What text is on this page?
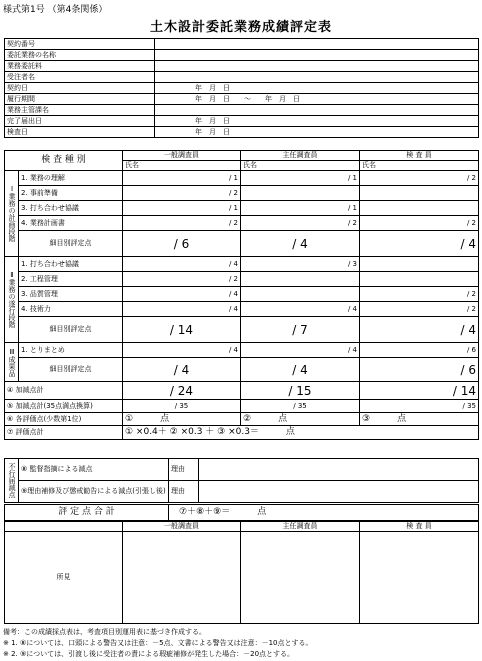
様式第1号 （第4条関係）
土木設計委託業務成績評定表
契約番号	
委託業務の名称	
業務委託料	
受注者名	
契約日	年　月　日
履行期間	年　月　日　　～　　年　月　日
業務主管課名	
完了届出日	年　月　日
検査日	年　月　日
検 査 種 別		一般調査員	主任調査員	検 査 員
		氏名	氏名	氏名
Ⅰ業務の計画段階	1. 業務の理解	/ 1	/ 1	/ 2
	2. 事前準備	/ 2		
	3. 打ち合わせ協議	/ 1	/ 1	
	4. 業務計画書	/ 2	/ 2	/ 2
	細目別評定点	/ 6	/ 4	/ 4
Ⅱ業務の遂行段階	1. 打ち合わせ協議	/ 4	/ 3	
	2. 工程管理	/ 2		
	3. 品質管理	/ 4		/ 2
	4. 技術力	/ 4	/ 4	/ 2
	細目別評定点	/ 14	/ 7	/ 4
Ⅲ成果品	1. とりまとめ	/ 4	/ 4	/ 6
	細目別評定点	/ 4	/ 4	/ 6
④ 加減点計		/ 24	/ 15	/ 14
⑤ 加減点計(35点満点換算)		/ 35	/ 35	/ 35
⑥ 各評価点(少数第1位)		①　　　点	②　　　点	③　　　点
⑦ 評価点計		① ×0.4＋ ② ×0.3 ＋ ③ ×0.3＝　　　点		
不行届減点	⑧ 監督指摘による減点	理由	
	⑨理由補修及び懲戒勧告による減点(引張し後)	理由	
評 定 点 合 計	⑦＋⑧＋⑨＝　　　点
	一般調査員	主任調査員	検 査 員
所見			
備考：この成績採点表は、考査項目別運用表に基づき作成する。
※ 1. ⑧については、口頭による警告又は注意：－5点、文書による警告又は注意：－10点とする。
※ 2. ⑨については、引渡し後に受注者の責による瑕疵補修が発生した場合：－20点とする。
